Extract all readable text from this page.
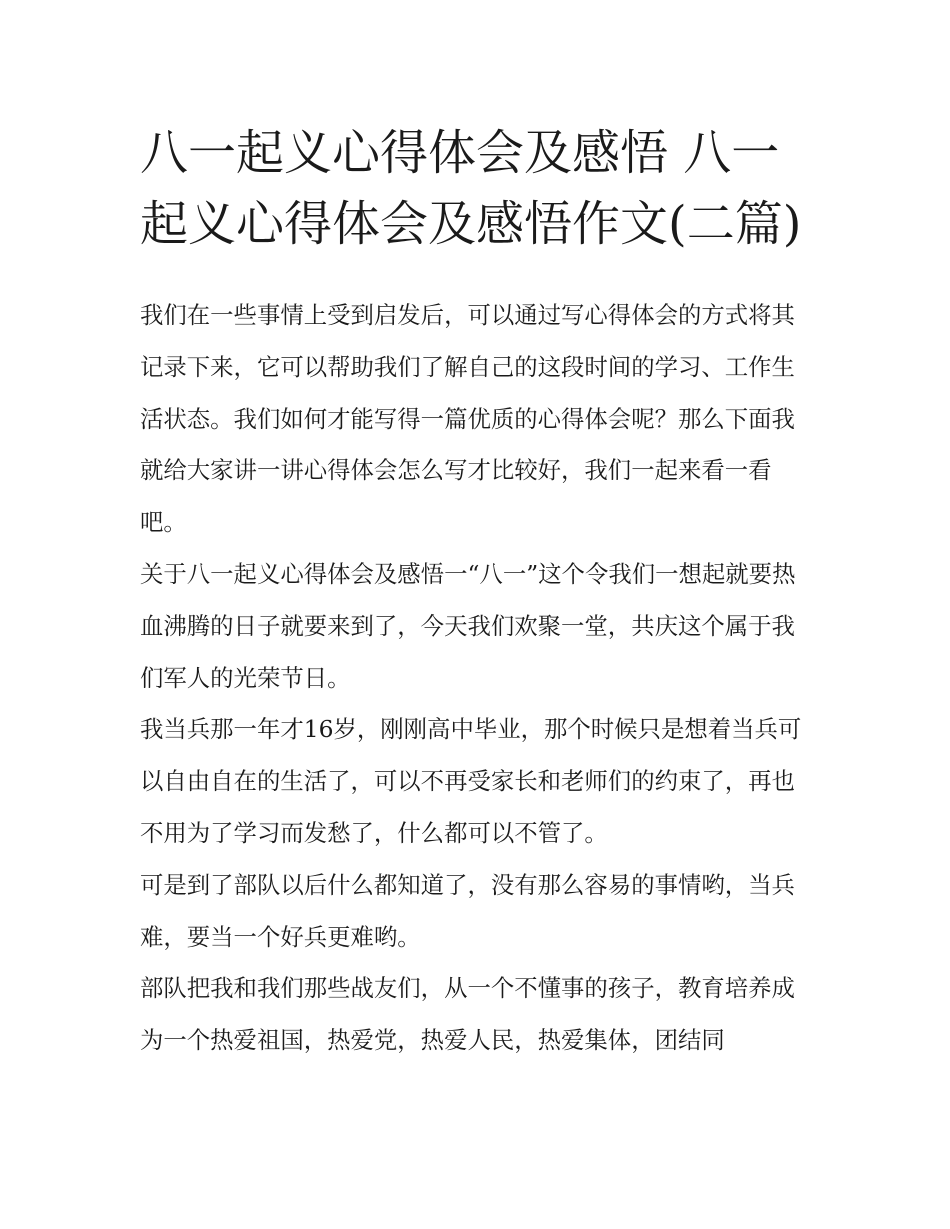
八一起义心得体会及感悟 八一起义心得体会及感悟作文(二篇)

我们在一些事情上受到启发后，可以通过写心得体会的方式将其记录下来，它可以帮助我们了解自己的这段时间的学习、工作生活状态。我们如何才能写得一篇优质的心得体会呢？那么下面我就给大家讲一讲心得体会怎么写才比较好，我们一起来看一看吧。

关于八一起义心得体会及感悟一“八一”这个令我们一想起就要热血沸腾的日子就要来到了，今天我们欢聚一堂，共庆这个属于我们军人的光荣节日。

我当兵那一年才16岁，刚刚高中毕业，那个时候只是想着当兵可以自由自在的生活了，可以不再受家长和老师们的约束了，再也不用为了学习而发愁了，什么都可以不管了。

可是到了部队以后什么都知道了，没有那么容易的事情哟，当兵难，要当一个好兵更难哟。

部队把我和我们那些战友们，从一个不懂事的孩子，教育培养成为一个热爱祖国，热爱党，热爱人民，热爱集体，团结同
